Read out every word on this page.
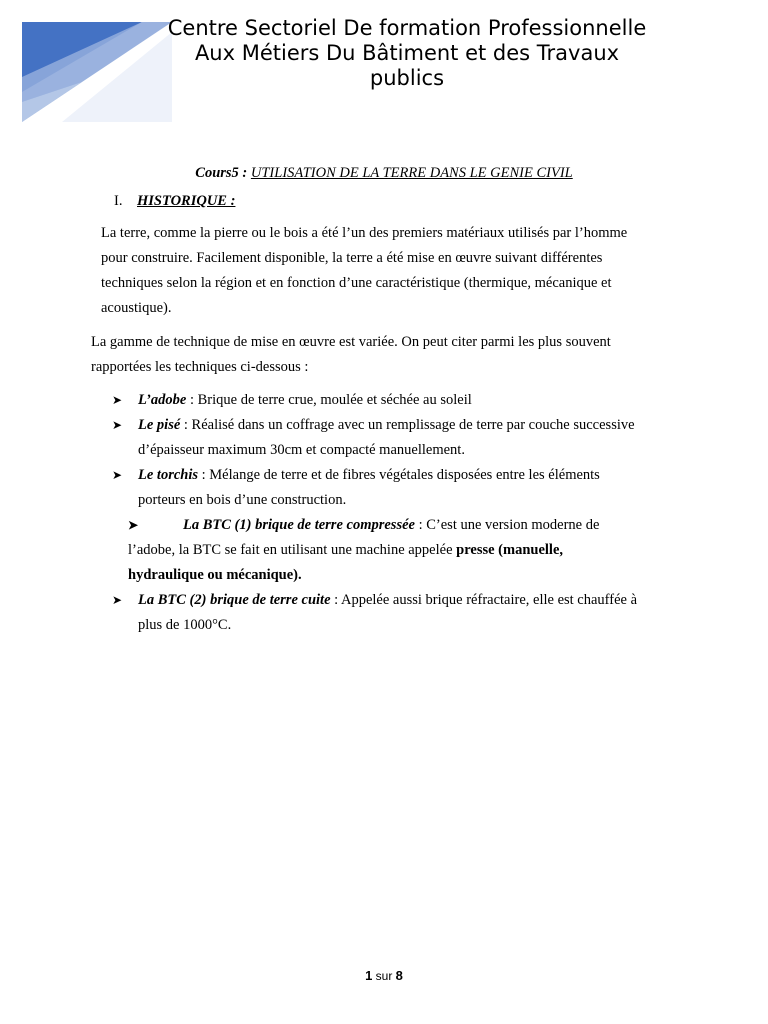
Centre Sectoriel De formation Professionnelle
Aux Métiers Du Bâtiment et des Travaux
publics
Cours5 : UTILISATION DE LA TERRE DANS LE GENIE CIVIL
I. HISTORIQUE :
La terre, comme la pierre ou le bois a été l’un des premiers matériaux utilisés par l’homme
pour construire. Facilement disponible, la terre a été mise en œuvre suivant différentes
techniques selon la région et en fonction d’une caractéristique (thermique, mécanique et
acoustique).
La gamme de technique de mise en œuvre est variée. On peut citer parmi les plus souvent
rapportées les techniques ci-dessous :
➤ L’adobe : Brique de terre crue, moulée et séchée au soleil
➤ Le pisé : Réalisé dans un coffrage avec un remplissage de terre par couche successive
d’épaisseur maximum 30cm et compacté manuellement.
➤ Le torchis : Mélange de terre et de fibres végétales disposées entre les éléments
porteurs en bois d’une construction.
➤	La BTC (1) brique de terre compressée : C’est une version moderne de
l’adobe, la BTC se fait en utilisant une machine appelée presse (manuelle,
hydraulique ou mécanique).
➤ La BTC (2) brique de terre cuite : Appelée aussi brique réfractaire, elle est chauffée à
plus de 1000°C.
1 sur 8
